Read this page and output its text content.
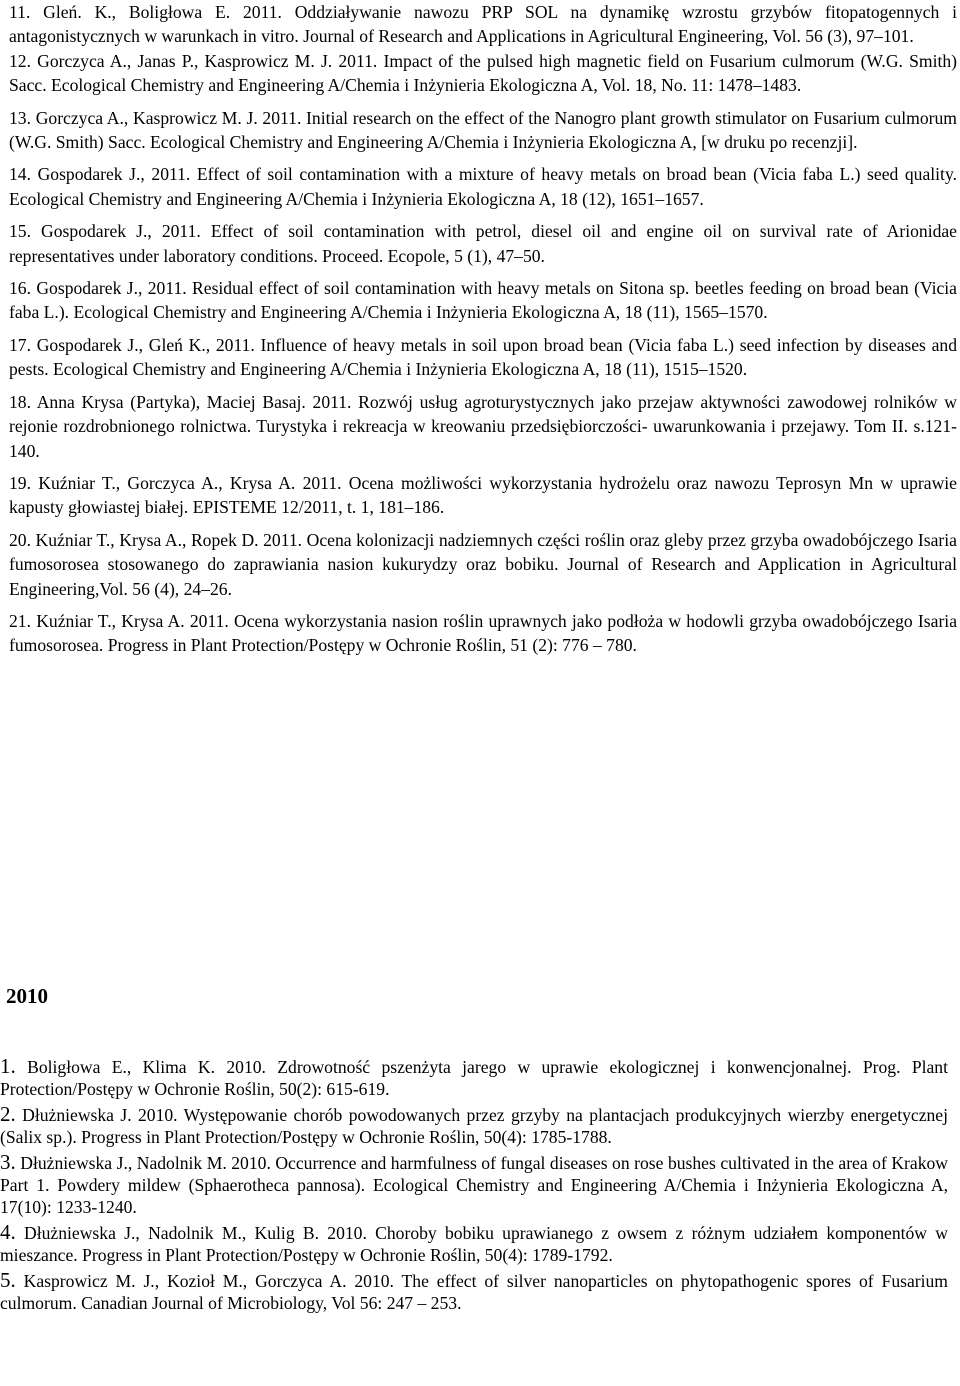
11. Gleń. K., Boligłowa E. 2011. Oddziaływanie nawozu PRP SOL na dynamikę wzrostu grzybów fitopatogennych i antagonistycznych w warunkach in vitro. Journal of Research and Applications in Agricultural Engineering, Vol. 56 (3), 97–101.

12. Gorczyca A., Janas P., Kasprowicz M. J. 2011. Impact of the pulsed high magnetic field on Fusarium culmorum (W.G. Smith) Sacc. Ecological Chemistry and Engineering A/Chemia i Inżynieria Ekologiczna A, Vol. 18, No. 11: 1478–1483.

13. Gorczyca A., Kasprowicz M. J. 2011. Initial research on the effect of the Nanogro plant growth stimulator on Fusarium culmorum (W.G. Smith) Sacc. Ecological Chemistry and Engineering A/Chemia i Inżynieria Ekologiczna A, [w druku po recenzji].

14. Gospodarek J., 2011. Effect of soil contamination with a mixture of heavy metals on broad bean (Vicia faba L.) seed quality. Ecological Chemistry and Engineering A/Chemia i Inżynieria Ekologiczna A, 18 (12), 1651–1657.

15. Gospodarek J., 2011. Effect of soil contamination with petrol, diesel oil and engine oil on survival rate of Arionidae representatives under laboratory conditions. Proceed. Ecopole, 5 (1), 47–50.

16. Gospodarek J., 2011. Residual effect of soil contamination with heavy metals on Sitona sp. beetles feeding on broad bean (Vicia faba L.). Ecological Chemistry and Engineering A/Chemia i Inżynieria Ekologiczna A, 18 (11), 1565–1570.

17. Gospodarek J., Gleń K., 2011. Influence of heavy metals in soil upon broad bean (Vicia faba L.) seed infection by diseases and pests. Ecological Chemistry and Engineering A/Chemia i Inżynieria Ekologiczna A, 18 (11), 1515–1520.

18. Anna Krysa (Partyka), Maciej Basaj. 2011. Rozwój usług agroturystycznych jako przejaw aktywności zawodowej rolników w rejonie rozdrobnionego rolnictwa. Turystyka i rekreacja w kreowaniu przedsiębiorczości- uwarunkowania i przejawy. Tom II. s.121-140.

19. Kuźniar T., Gorczyca A., Krysa A. 2011. Ocena możliwości wykorzystania hydrożelu oraz nawozu Teprosyn Mn w uprawie kapusty głowiastej białej. EPISTEME 12/2011, t. 1, 181–186.

20. Kuźniar T., Krysa A., Ropek D. 2011. Ocena kolonizacji nadziemnych części roślin oraz gleby przez grzyba owadobójczego Isaria fumosorosea stosowanego do zaprawiania nasion kukurydzy oraz bobiku. Journal of Research and Application in Agricultural Engineering,Vol. 56 (4), 24–26.

21. Kuźniar T., Krysa A. 2011. Ocena wykorzystania nasion roślin uprawnych jako podłoża w hodowli grzyba owadobójczego Isaria fumosorosea. Progress in Plant Protection/Postępy w Ochronie Roślin, 51 (2): 776 – 780.

2010

1. Boligłowa E., Klima K. 2010. Zdrowotność pszenżyta jarego w uprawie ekologicznej i konwencjonalnej. Prog. Plant Protection/Postępy w Ochronie Roślin, 50(2): 615-619.

2. Dłużniewska J. 2010. Występowanie chorób powodowanych przez grzyby na plantacjach produkcyjnych wierzby energetycznej (Salix sp.). Progress in Plant Protection/Postępy w Ochronie Roślin, 50(4): 1785-1788.

3. Dłużniewska J., Nadolnik M. 2010. Occurrence and harmfulness of fungal diseases on rose bushes cultivated in the area of Krakow Part 1. Powdery mildew (Sphaerotheca pannosa). Ecological Chemistry and Engineering A/Chemia i Inżynieria Ekologiczna A, 17(10): 1233-1240.

4. Dłużniewska J., Nadolnik M., Kulig B. 2010. Choroby bobiku uprawianego z owsem z różnym udziałem komponentów w mieszance. Progress in Plant Protection/Postępy w Ochronie Roślin, 50(4): 1789-1792.

5. Kasprowicz M. J., Kozioł M., Gorczyca A. 2010. The effect of silver nanoparticles on phytopathogenic spores of Fusarium culmorum. Canadian Journal of Microbiology, Vol 56: 247 – 253.
